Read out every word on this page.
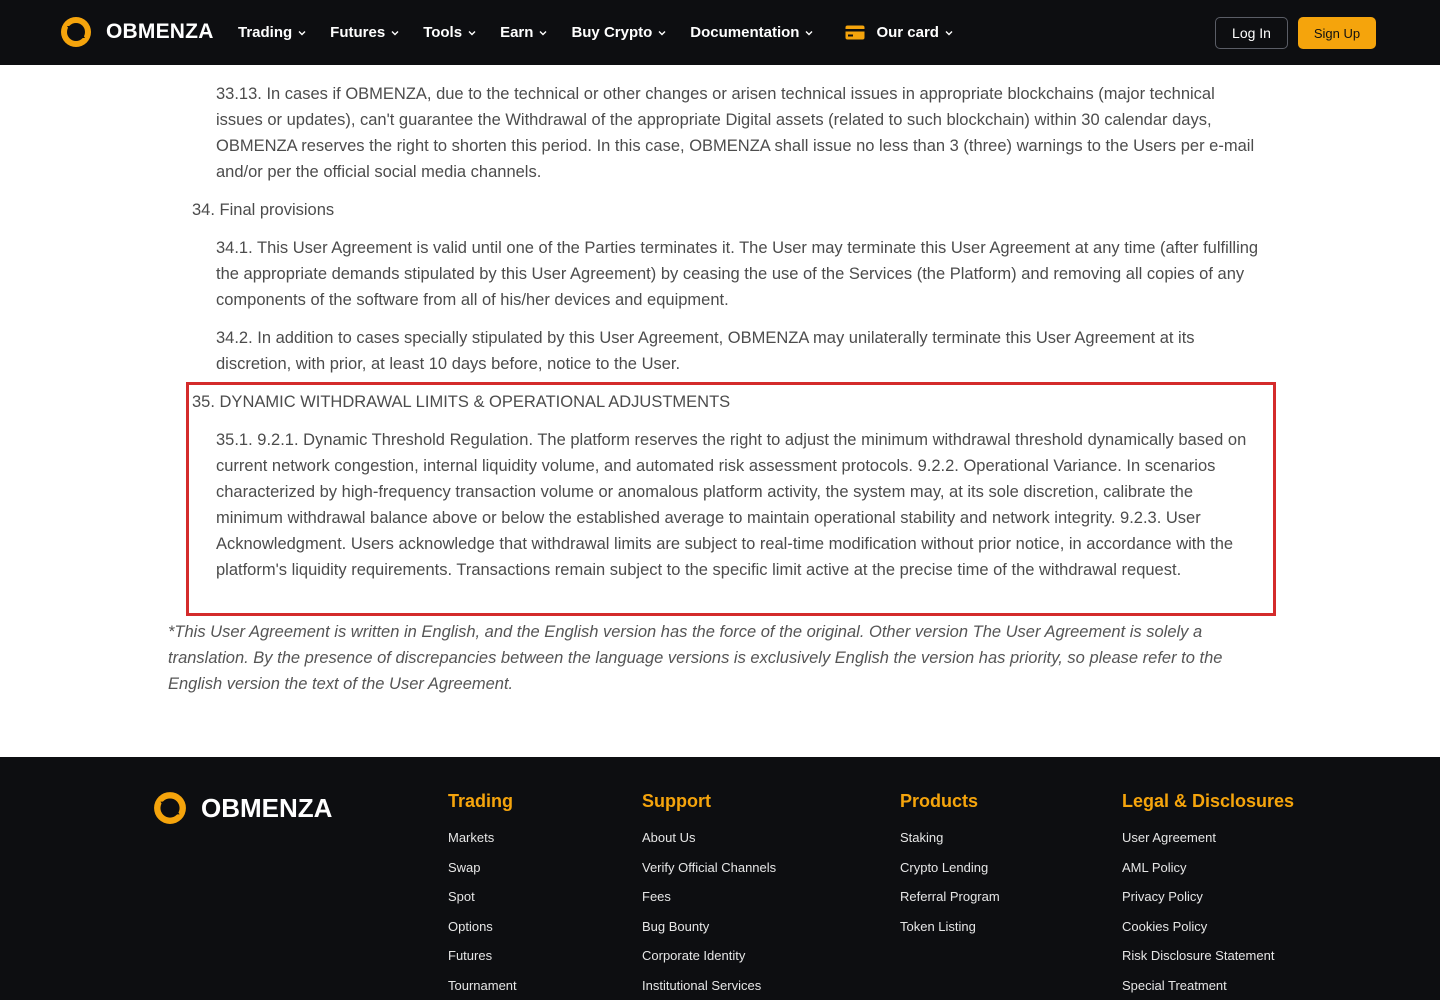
OBMENZA Trading	Futures	Tools	Earn	Buy Crypto	Documentation	Our card	Log In	Sign Up
33.13. In cases if OBMENZA, due to the technical or other changes or arisen technical issues in appropriate blockchains (major technical issues or updates), can't guarantee the Withdrawal of the appropriate Digital assets (related to such blockchain) within 30 calendar days, OBMENZA reserves the right to shorten this period. In this case, OBMENZA shall issue no less than 3 (three) warnings to the Users per e-mail and/or per the official social media channels.
34. Final provisions
34.1. This User Agreement is valid until one of the Parties terminates it. The User may terminate this User Agreement at any time (after fulfilling the appropriate demands stipulated by this User Agreement) by ceasing the use of the Services (the Platform) and removing all copies of any components of the software from all of his/her devices and equipment.
34.2. In addition to cases specially stipulated by this User Agreement, OBMENZA may unilaterally terminate this User Agreement at its discretion, with prior, at least 10 days before, notice to the User.
35. DYNAMIC WITHDRAWAL LIMITS & OPERATIONAL ADJUSTMENTS
35.1. 9.2.1. Dynamic Threshold Regulation. The platform reserves the right to adjust the minimum withdrawal threshold dynamically based on current network congestion, internal liquidity volume, and automated risk assessment protocols. 9.2.2. Operational Variance. In scenarios characterized by high-frequency transaction volume or anomalous platform activity, the system may, at its sole discretion, calibrate the minimum withdrawal balance above or below the established average to maintain operational stability and network integrity. 9.2.3. User Acknowledgment. Users acknowledge that withdrawal limits are subject to real-time modification without prior notice, in accordance with the platform's liquidity requirements. Transactions remain subject to the specific limit active at the precise time of the withdrawal request.
*This User Agreement is written in English, and the English version has the force of the original. Other version The User Agreement is solely a translation. By the presence of discrepancies between the language versions is exclusively English the version has priority, so please refer to the English version the text of the User Agreement.
OBMENZA	Trading
Markets
Swap
Spot
Options
Futures
Tournament
Support
About Us
Verify Official Channels
Fees
Bug Bounty
Corporate Identity
Institutional Services
Products
Staking
Crypto Lending
Referral Program
Token Listing
Legal & Disclosures
User Agreement
AML Policy
Privacy Policy
Cookies Policy
Risk Disclosure Statement
Special Treatment
